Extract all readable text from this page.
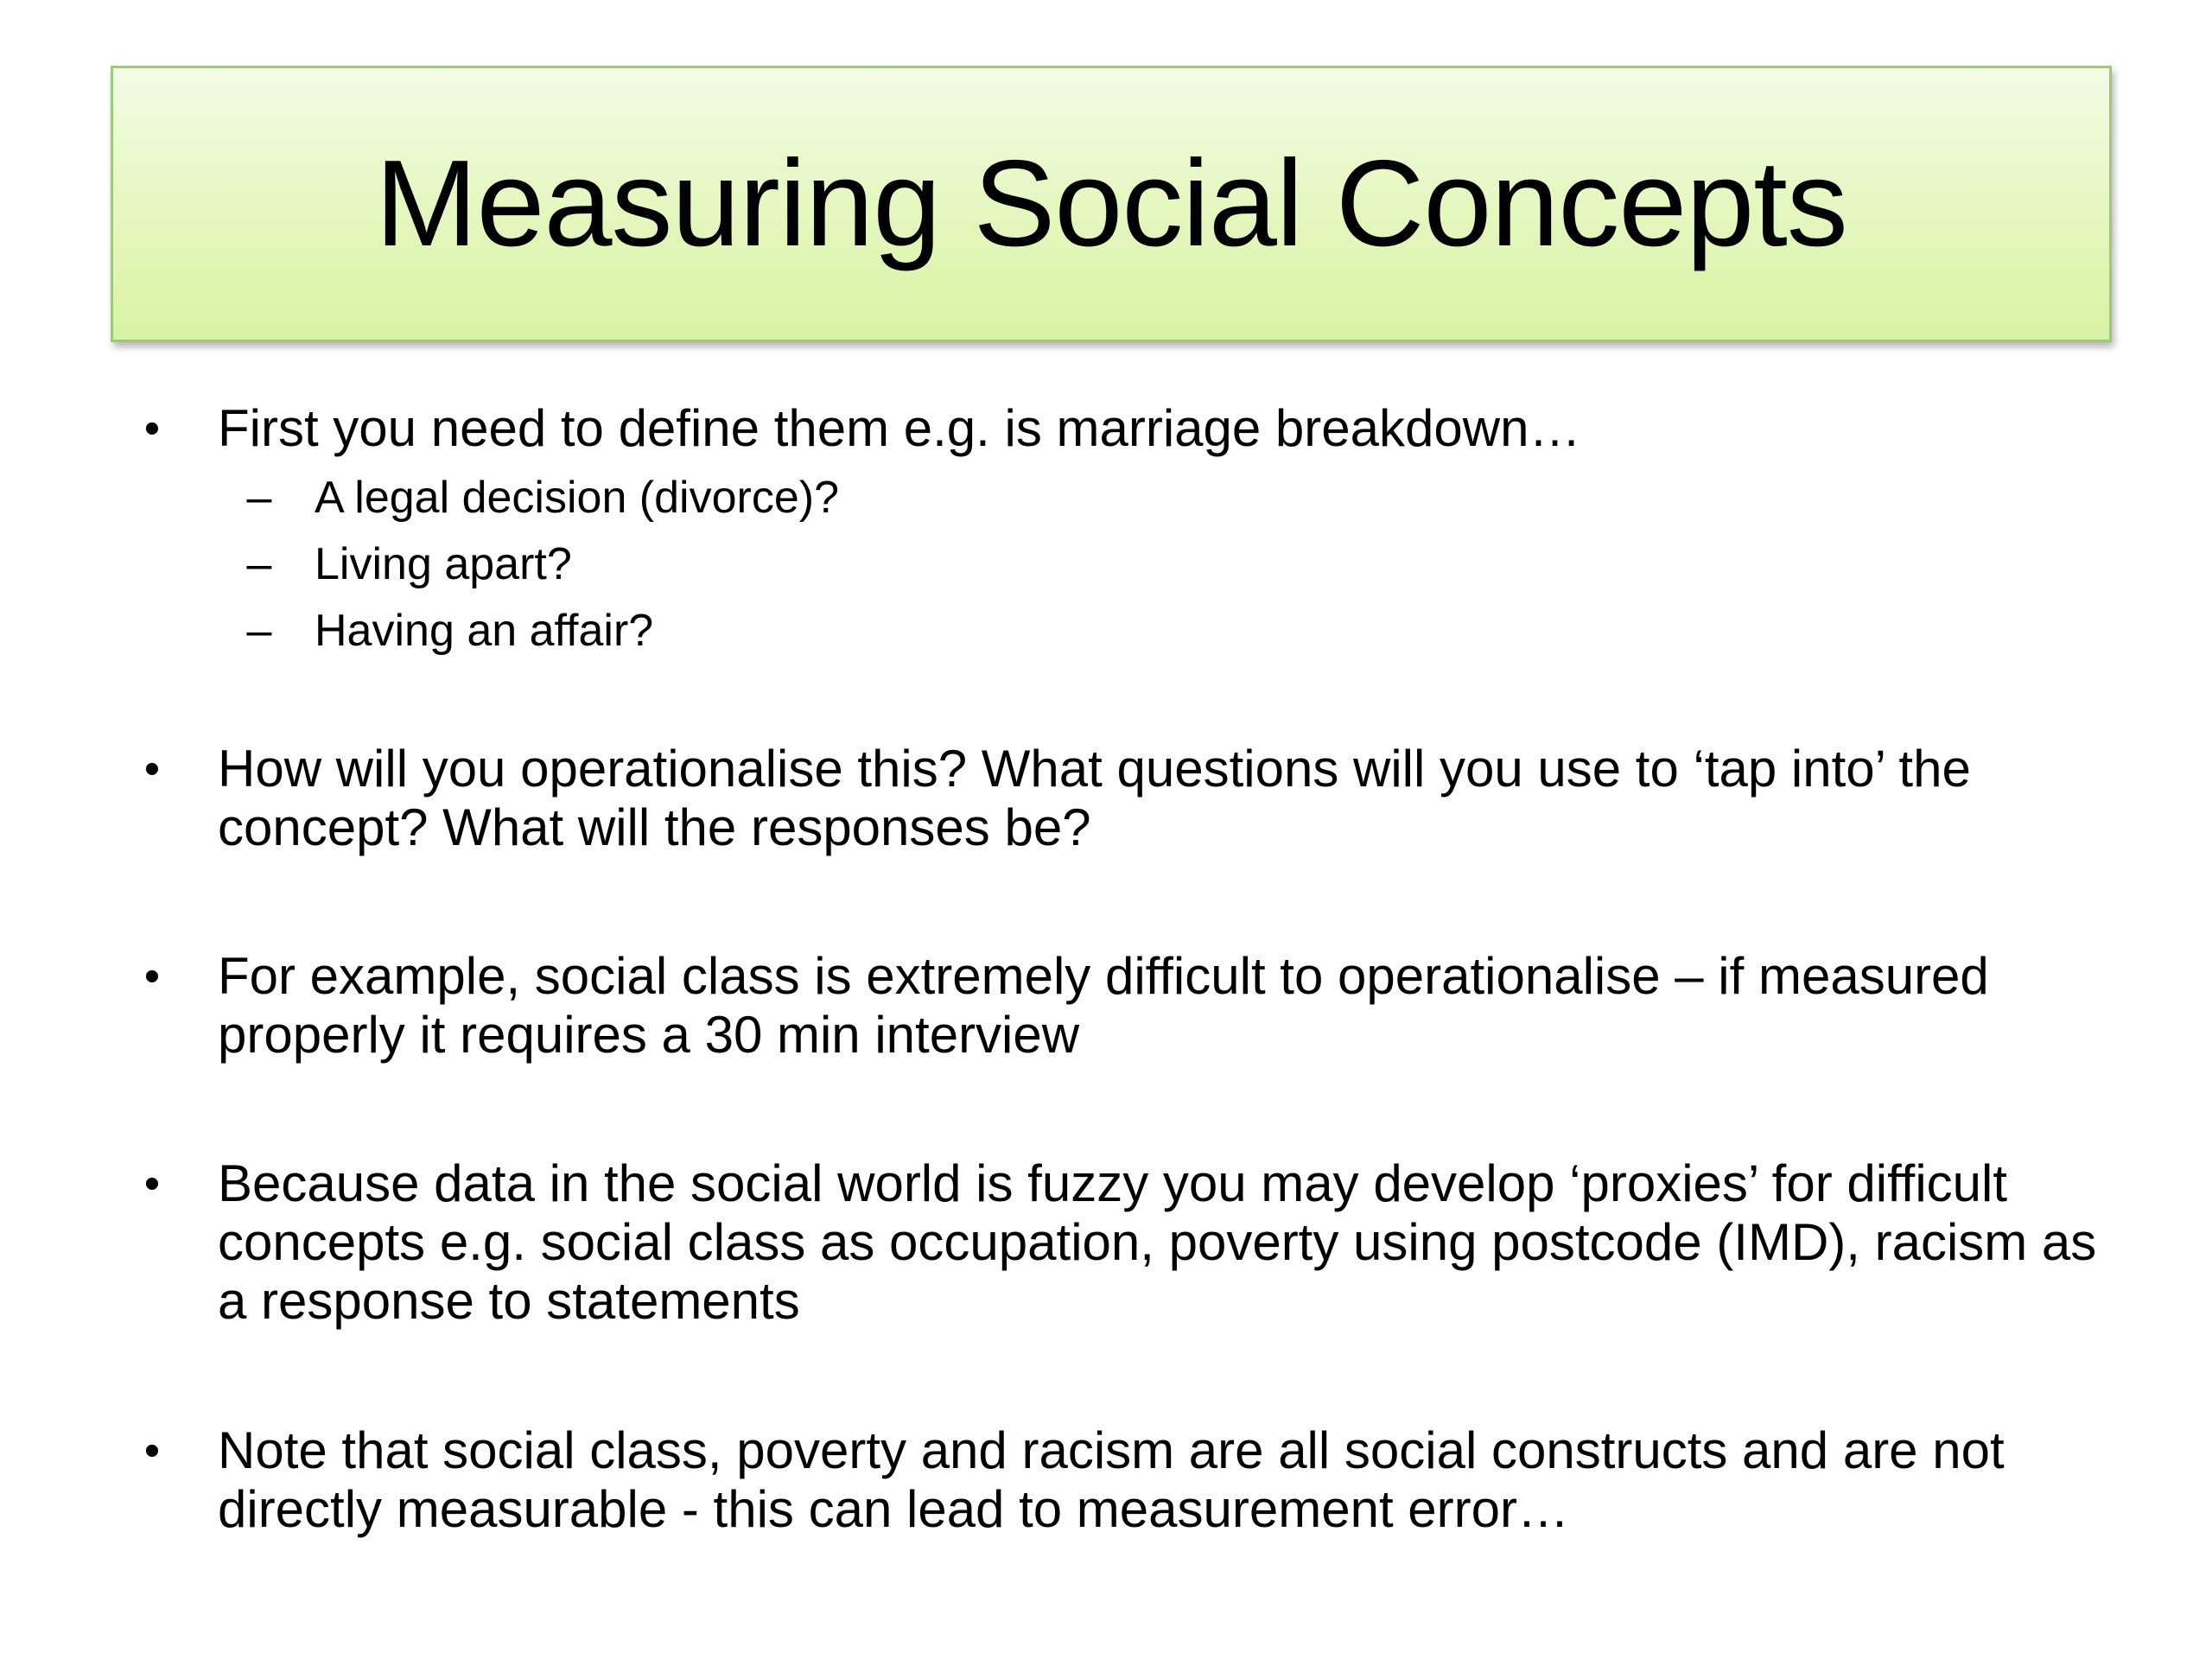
Measuring Social Concepts
• First you need to define them e.g. is marriage breakdown…
– A legal decision (divorce)?
– Living apart?
– Having an affair?
• How will you operationalise this? What questions will you use to ‘tap into’ the concept? What will the responses be?
• For example, social class is extremely difficult to operationalise – if measured properly it requires a 30 min interview
• Because data in the social world is fuzzy you may develop ‘proxies’ for difficult concepts e.g. social class as occupation, poverty using postcode (IMD), racism as a response to statements
• Note that social class, poverty and racism are all social constructs and are not directly measurable - this can lead to measurement error…
